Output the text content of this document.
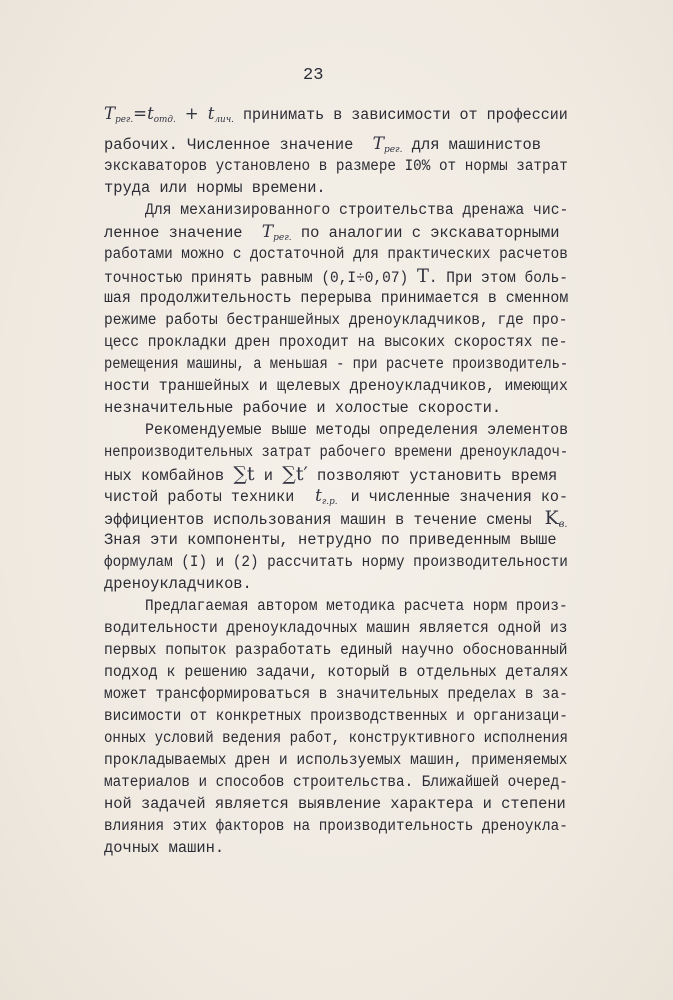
23
$T_{рег.}=t_{отд.} + t_{лич.}$ принимать в зависимости от профессии
рабочих. Численное значение $T_{рег.}$ для машинистов
экскаваторов установлено в размере I0% от нормы затрат
труда или нормы времени.
Для механизированного строительства дренажа чис-
ленное значение $T_{рег.}$ по аналогии с экскаваторными
работами можно с достаточной для практических расчетов
точностью принять равным (0,I÷0,07) T. При этом боль-
шая продолжительность перерыва принимается в сменном
режиме работы бестраншейных дреноукладчиков, где про-
цесс прокладки дрен проходит на высоких скоростях пе-
ремещения машины, а меньшая - при расчете производитель-
ности траншейных и щелевых дреноукладчиков, имеющих
незначительные рабочие и холостые скорости.
Рекомендуемые выше методы определения элементов
непроизводительных затрат рабочего времени дреноукладоч-
ных комбайнов ∑t и ∑t′ позволяют установить время
чистой работы техники $t_{г.р.}$ и численные значения ко-
эффициентов использования машин в течение смены $K_{в.}$
Зная эти компоненты, нетрудно по приведенным выше
формулам (I) и (2) рассчитать норму производительности
дреноукладчиков.
Предлагаемая автором методика расчета норм произ-
водительности дреноукладочных машин является одной из
первых попыток разработать единый научно обоснованный
подход к решению задачи, который в отдельных деталях
может трансформироваться в значительных пределах в за-
висимости от конкретных производственных и организаци-
онных условий ведения работ, конструктивного исполнения
прокладываемых дрен и используемых машин, применяемых
материалов и способов строительства. Ближайшей очеред-
ной задачей является выявление характера и степени
влияния этих факторов на производительность дреноукла-
дочных машин.
